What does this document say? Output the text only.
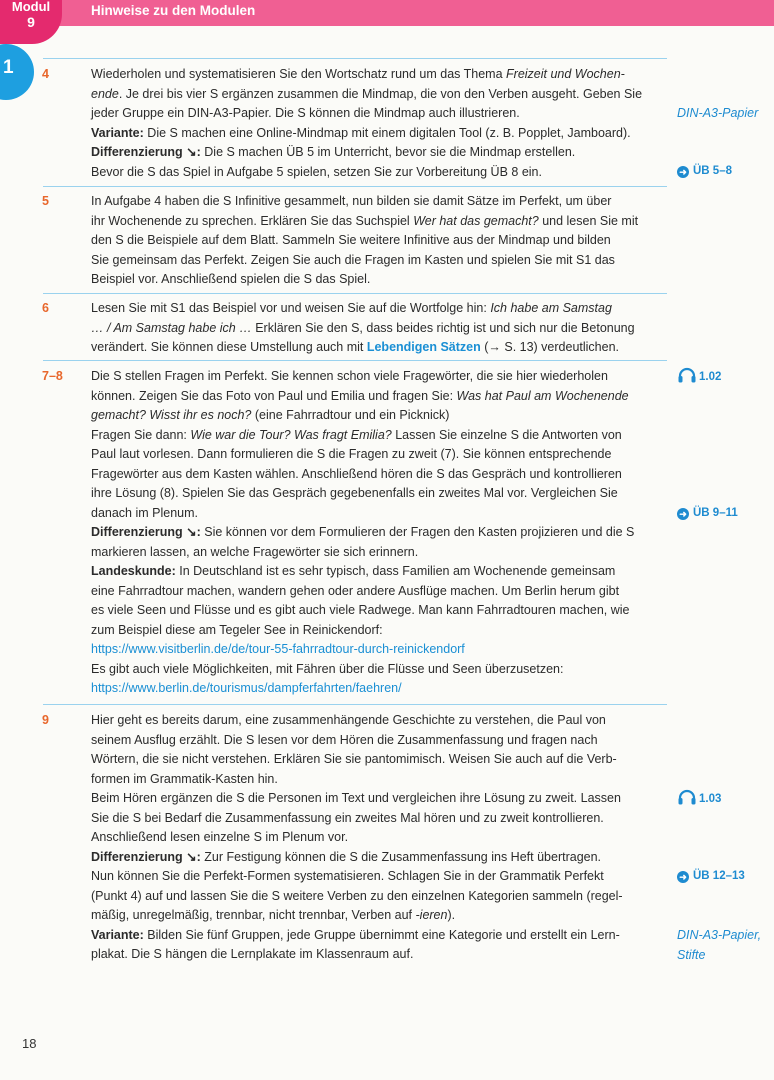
Hinweise zu den Modulen
Modul
9
1 4	Wiederholen und systematisieren Sie den Wortschatz rund um das Thema Freizeit und Wochen-
ende. Je drei bis vier S ergänzen zusammen die Mindmap, die von den Verben ausgeht. Geben Sie
jeder Gruppe ein DIN-A3-Papier. Die S können die Mindmap auch illustrieren.
Variante: Die S machen eine Online-Mindmap mit einem digitalen Tool (z. B. Popplet, Jamboard).
Differenzierung ↘: Die S machen ÜB 5 im Unterricht, bevor sie die Mindmap erstellen.
Bevor die S das Spiel in Aufgabe 5 spielen, setzen Sie zur Vorbereitung ÜB 8 ein.
DIN-A3-Papier
➜ ÜB 5–8
5	In Aufgabe 4 haben die S Infinitive gesammelt, nun bilden sie damit Sätze im Perfekt, um über
ihr Wochenende zu sprechen. Erklären Sie das Suchspiel Wer hat das gemacht? und lesen Sie mit
den S die Beispiele auf dem Blatt. Sammeln Sie weitere Infinitive aus der Mindmap und bilden
Sie gemeinsam das Perfekt. Zeigen Sie auch die Fragen im Kasten und spielen Sie mit S1 das
Beispiel vor. Anschließend spielen die S das Spiel.
6	Lesen Sie mit S1 das Beispiel vor und weisen Sie auf die Wortfolge hin: Ich habe am Samstag
… / Am Samstag habe ich … Erklären Sie den S, dass beides richtig ist und sich nur die Betonung
verändert. Sie können diese Umstellung auch mit Lebendigen Sätzen (→ S. 13) verdeutlichen.
7–8	Die S stellen Fragen im Perfekt. Sie kennen schon viele Fragewörter, die sie hier wiederholen
können. Zeigen Sie das Foto von Paul und Emilia und fragen Sie: Was hat Paul am Wochenende
gemacht? Wisst ihr es noch? (eine Fahrradtour und ein Picknick)
Fragen Sie dann: Wie war die Tour? Was fragt Emilia? Lassen Sie einzelne S die Antworten von
Paul laut vorlesen. Dann formulieren die S die Fragen zu zweit (7). Sie können entsprechende
Fragewörter aus dem Kasten wählen. Anschließend hören die S das Gespräch und kontrollieren
ihre Lösung (8). Spielen Sie das Gespräch gegebenenfalls ein zweites Mal vor. Vergleichen Sie
danach im Plenum.
Differenzierung ↘: Sie können vor dem Formulieren der Fragen den Kasten projizieren und die S
markieren lassen, an welche Fragewörter sie sich erinnern.
Landeskunde: In Deutschland ist es sehr typisch, dass Familien am Wochenende gemeinsam
eine Fahrradtour machen, wandern gehen oder andere Ausflüge machen. Um Berlin herum gibt
es viele Seen und Flüsse und es gibt auch viele Radwege. Man kann Fahrradtouren machen, wie
zum Beispiel diese am Tegeler See in Reinickendorf:
https://www.visitberlin.de/de/tour-55-fahrradtour-durch-reinickendorf
Es gibt auch viele Möglichkeiten, mit Fähren über die Flüsse und Seen überzusetzen:
https://www.berlin.de/tourismus/dampferfahrten/faehren/
1.02
➜ ÜB 9–11
9	Hier geht es bereits darum, eine zusammenhängende Geschichte zu verstehen, die Paul von
seinem Ausflug erzählt. Die S lesen vor dem Hören die Zusammenfassung und fragen nach
Wörtern, die sie nicht verstehen. Erklären Sie sie pantomimisch. Weisen Sie auch auf die Verb-
formen im Grammatik-Kasten hin.
Beim Hören ergänzen die S die Personen im Text und vergleichen ihre Lösung zu zweit. Lassen
Sie die S bei Bedarf die Zusammenfassung ein zweites Mal hören und zu zweit kontrollieren.
Anschließend lesen einzelne S im Plenum vor.
Differenzierung ↘: Zur Festigung können die S die Zusammenfassung ins Heft übertragen.
Nun können Sie die Perfekt-Formen systematisieren. Schlagen Sie in der Grammatik Perfekt
(Punkt 4) auf und lassen Sie die S weitere Verben zu den einzelnen Kategorien sammeln (regel-
mäßig, unregelmäßig, trennbar, nicht trennbar, Verben auf -ieren).
Variante: Bilden Sie fünf Gruppen, jede Gruppe übernimmt eine Kategorie und erstellt ein Lern-
plakat. Die S hängen die Lernplakate im Klassenraum auf.
1.03
➜ ÜB 12–13
DIN-A3-Papier,
Stifte
18
